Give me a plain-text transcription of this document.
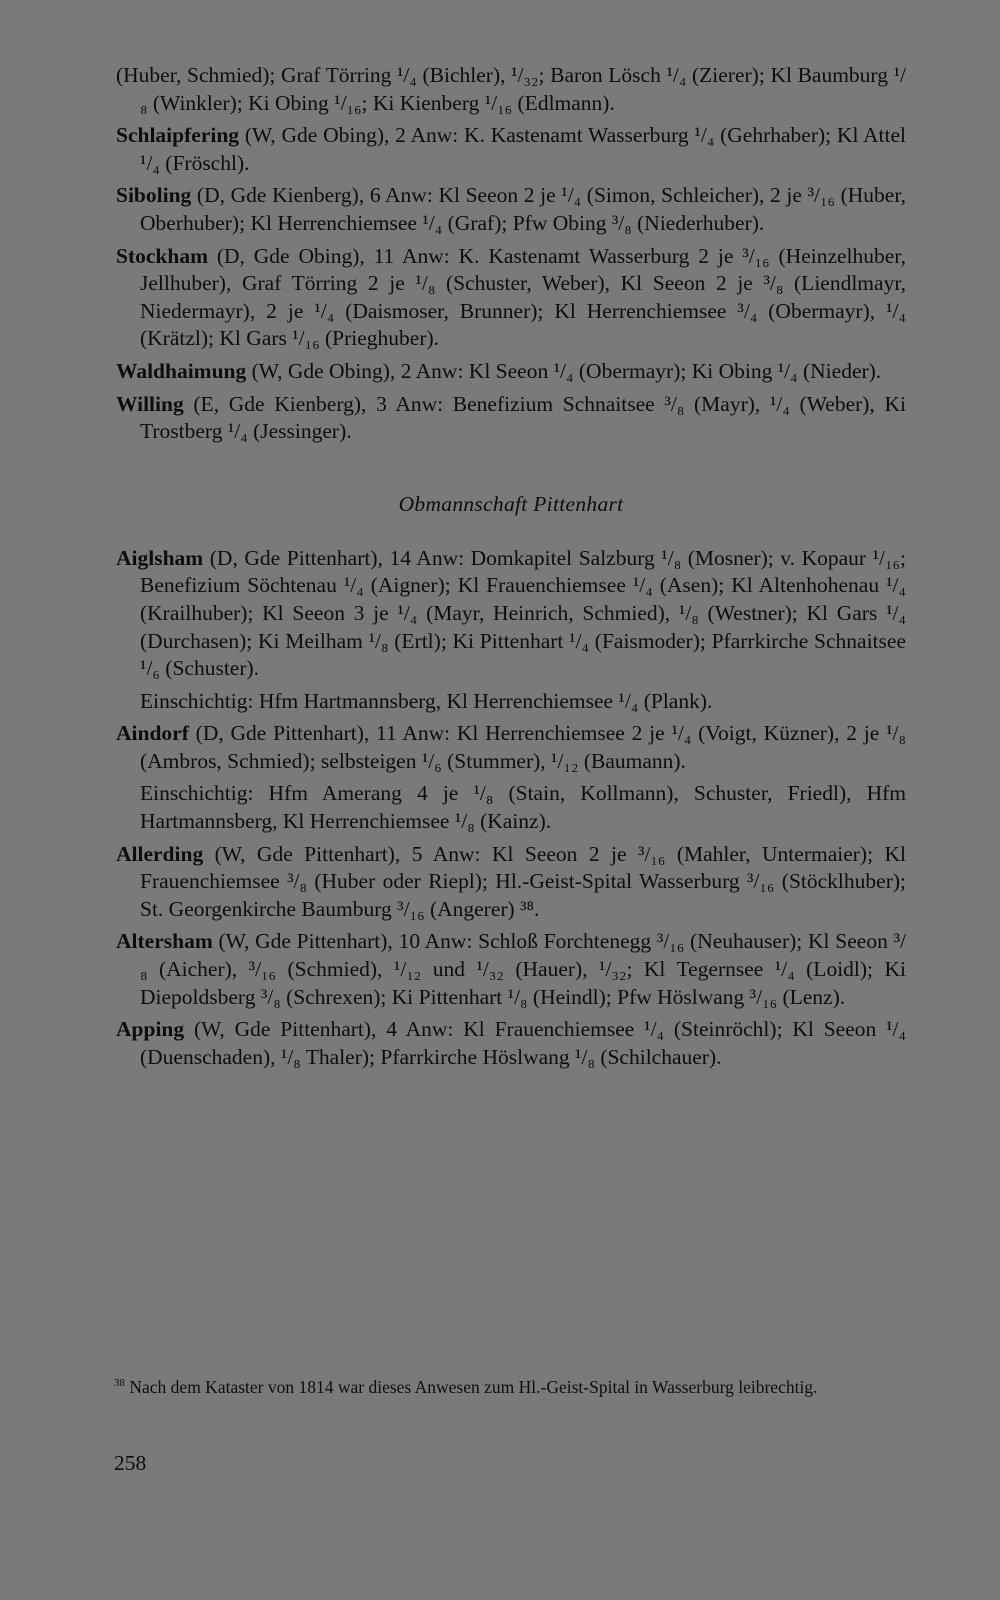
(Huber, Schmied); Graf Törring ¹/₄ (Bichler), ¹/₃₂; Baron Lösch ¹/₄ (Zierer); Kl Baumburg ¹/₈ (Winkler); Ki Obing ¹/₁₆; Ki Kienberg ¹/₁₆ (Edlmann).

Schlaipfering (W, Gde Obing), 2 Anw: K. Kastenamt Wasserburg ¹/₄ (Gehrhaber); Kl Attel ¹/₄ (Fröschl).

Siboling (D, Gde Kienberg), 6 Anw: Kl Seeon 2 je ¹/₄ (Simon, Schleicher), 2 je ³/₁₆ (Huber, Oberhuber); Kl Herrenchiemsee ¹/₄ (Graf); Pfw Obing ³/₈ (Niederhuber).

Stockham (D, Gde Obing), 11 Anw: K. Kastenamt Wasserburg 2 je ³/₁₆ (Heinzelhuber, Jellhuber), Graf Törring 2 je ¹/₈ (Schuster, Weber), Kl Seeon 2 je ³/₈ (Liendlmayr, Niedermayr), 2 je ¹/₄ (Daismoser, Brunner); Kl Herrenchiemsee ³/₄ (Obermayr), ¹/₄ (Krätzl); Kl Gars ¹/₁₆ (Prieghuber).

Waldhaimung (W, Gde Obing), 2 Anw: Kl Seeon ¹/₄ (Obermayr); Ki Obing ¹/₄ (Nieder).

Willing (E, Gde Kienberg), 3 Anw: Benefizium Schnaitsee ³/₈ (Mayr), ¹/₄ (Weber), Ki Trostberg ¹/₄ (Jessinger).

Obmannschaft Pittenhart

Aiglsham (D, Gde Pittenhart), 14 Anw: Domkapitel Salzburg ¹/₈ (Mosner); v. Kopaur ¹/₁₆; Benefizium Söchtenau ¹/₄ (Aigner); Kl Frauenchiemsee ¹/₄ (Asen); Kl Altenhohenau ¹/₄ (Krailhuber); Kl Seeon 3 je ¹/₄ (Mayr, Heinrich, Schmied), ¹/₈ (Westner); Kl Gars ¹/₄ (Durchasen); Ki Meilham ¹/₈ (Ertl); Ki Pittenhart ¹/₄ (Faismoder); Pfarrkirche Schnaitsee ¹/₆ (Schuster).

Einschichtig: Hfm Hartmannsberg, Kl Herrenchiemsee ¹/₄ (Plank).

Aindorf (D, Gde Pittenhart), 11 Anw: Kl Herrenchiemsee 2 je ¹/₄ (Voigt, Küzner), 2 je ¹/₈ (Ambros, Schmied); selbsteigen ¹/₆ (Stummer), ¹/₁₂ (Baumann).

Einschichtig: Hfm Amerang 4 je ¹/₈ (Stain, Kollmann), Schuster, Friedl), Hfm Hartmannsberg, Kl Herrenchiemsee ¹/₈ (Kainz).

Allerding (W, Gde Pittenhart), 5 Anw: Kl Seeon 2 je ³/₁₆ (Mahler, Untermaier); Kl Frauenchiemsee ³/₈ (Huber oder Riepl); Hl.-Geist-Spital Wasserburg ³/₁₆ (Stöcklhuber); St. Georgenkirche Baumburg ³/₁₆ (Angerer) ³⁸.

Altersham (W, Gde Pittenhart), 10 Anw: Schloß Forchtenegg ³/₁₆ (Neuhauser); Kl Seeon ³/₈ (Aicher), ³/₁₆ (Schmied), ¹/₁₂ und ¹/₃₂ (Hauer), ¹/₃₂; Kl Tegernsee ¹/₄ (Loidl); Ki Diepoldsberg ³/₈ (Schrexen); Ki Pittenhart ¹/₈ (Heindl); Pfw Höslwang ³/₁₆ (Lenz).

Apping (W, Gde Pittenhart), 4 Anw: Kl Frauenchiemsee ¹/₄ (Steinröchl); Kl Seeon ¹/₄ (Duenschaden), ¹/₈ Thaler); Pfarrkirche Höslwang ¹/₈ (Schilchauer).

$^{38}$ Nach dem Kataster von 1814 war dieses Anwesen zum Hl.-Geist-Spital in Wasserburg leibrechtig.
258
